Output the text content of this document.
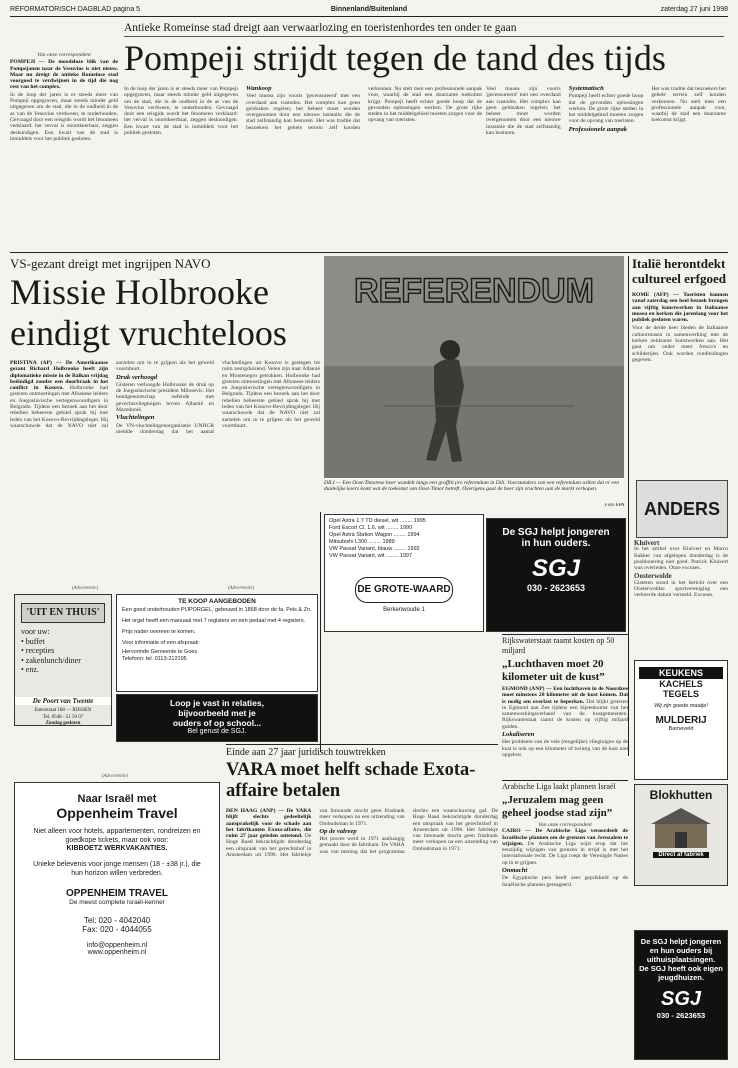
REFORMATORISCH DAGBLAD pagina 5	Binnenland/Buitenland	zaterdag 27 juni 1998
Van onze correspondent

POMPEJI — De moedeloze blik van de Pompejanen naar de Vesuvius is niet nieuw. Maar nu dreigt de antieke Romeinse stad voorgoed te verdwijnen in de tijd die nog rest van het complex.

In de loop der jaren is er steeds meer van Pompeji opgegraven, maar steeds minder geld uitgegeven om de stad, die in de oudheid in de as van de Vesuvius verdween, te onderhouden. Gevraagd door een reisgids wordt het fenomeen verklaard: het verval is onomkeerbaar, zeggen deskundigen. Een kwart van de stad is inmiddels voor het publiek gesloten.

Antieke Romeinse stad dreigt aan verwaarlozing en toeristenhordes ten onder te gaan
Pompeji strijdt tegen de tand des tijds
In de loop der jaren is er steeds meer van Pompeji opgegraven, maar steeds minder geld uitgegeven om de stad, die in de oudheid in de as van de Vesuvius verdween, te onderhouden. Gevraagd door een reisgids wordt het fenomeen verklaard: het verval is onomkeerbaar, zeggen deskundigen. Een kwart van de stad is inmiddels voor het publiek gesloten.
Wankoop
Veel musea zijn voorts 'gecensureerd' met een overdaad aan custodes. Het complex kan geen geldzaken regelen; het beheer moet worden overgenomen door een nieuwe instantie die de stad zelfstandig kan besturen. Het was tradtie dat bezoekers het gehele terrein zelf konden verkennen. Nu stelt men een professionele aanpak voor, waarbij de stad een duurzame toekomst krijgt. Pompeji heeft echter goede hoop dat de gevonden oplossingen werken. De grote rijke steden in het middelgebied moeten zorgen voor de opvang van toeristen.
Veel musea zijn voorts 'gecensureerd' met een overdaad aan custodes. Het complex kan geen geldzaken regelen; het beheer moet worden overgenomen door een nieuwe instantie die de stad zelfstandig kan besturen.
Systematisch
Pompeji heeft echter goede hoop dat de gevonden oplossingen werken. De grote rijke steden in het middelgebied moeten zorgen voor de opvang van toeristen.
Professionele aanpak
Het was tradtie dat bezoekers het gehele terrein zelf konden verkennen. Nu stelt men een professionele aanpak voor, waarbij de stad een duurzame toekomst krijgt.
VS-gezant dreigt met ingrijpen NAVO
Missie Holbrooke eindigt vruchteloos
PRISTINA (AP) — De Amerikaanse gezant Richard Holbrooke heeft zijn diplomatieke missie in de Balkan vrijdag beëindigd zonder een doorbraak in het conflict in Kosovo. Holbrooke had gisteren ontmoetingen met Albanese leiders en Joegoslavische vertegenwoordigers in Belgrado. Tijdens een bezoek aan het door rebellen beheerste gebied sprak hij met leden van het Kosovo-Bevrijdingsleger. Hij waarschuwde dat de NAVO niet zal aarzelen om in te grijpen als het geweld voortduurt.
Druk verhoogd
Gisteren verhoogde Holbrooke de druk op de Joegoslavische president Milosevic. Het bondgenootschap oefende met gevechtsvliegtuigen boven Albanië en Macedonië.
Vluchtelingen
De VN-vluchtelingenorganisatie UNHCR meldde donderdag dat het aantal vluchtelingen uit Kosovo is gestegen tot ruim zestigduizend. Velen zijn naar Albanië en Montenegro getrokken. Holbrooke had gisteren ontmoetingen met Albanese leiders en Joegoslavische vertegenwoordigers in Belgrado. Tijdens een bezoek aan het door rebellen beheerste gebied sprak hij met leden van het Kosovo-Bevrijdingsleger. Hij waarschuwde dat de NAVO niet zal aarzelen om in te grijpen als het geweld voortduurt.
REFERENDUM
DILI — Een Oost-Timorese boer wandelt langs een graffiti pro referendum in Dili. Voorstanders van een referendum willen dat er een duidelijke koers komt wat de toekomst van Oost-Timor betreft. Overigens gaat de boer zijn vruchten aan de markt verkopen.
Foto EPA
Italië herontdekt cultureel erfgoed

ROME (AFP) — Toeristen kunnen vanaf zaterdag een heel bezoek brengen aan vijftig kunstwerken in Italiaanse musea en kerken die jarenlang voor het publiek gesloten waren.

Voor de derde keer bieden de Italiaanse cultuurmusea in samenwerking met de kerken zeldzame kunstwerken aan. Het gaat om onder meer fresco's en schilderijen. Ook worden rondleidingen gegeven.

Opel Astra 1.7 TD diesel, wit ........ 1995
Ford Escort Cl. 1.6, wit ........ 1990
Opel Astra Station Wagon ........ 1994
Mitsubishi L300 ........ 1989
VW Passat Variant, blauw ........ 1992
VW Passat Variant, wit ........ 1997
DE GROTE-WAARD
Berkenwoude 1
De SGJ helpt jongeren
in hun ouders.
SGJ
030 - 2623653
(Advertentie)	(Advertentie)
'UIT EN THUIS'
voor uw:
• buffet
• recepties
• zakenlunch/diner
• enz.
De Poort van Twente
Enterstraat 188 — RIJSSEN
Tel. 0548 - 51 50 07
Zondag gesloten
TE KOOP AANGEBODEN
Een goed onderhouden PIJPORGEL, gebouwd in 1868 door de fa. Pels & Zn.
Het orgel heeft een manuaal met 7 registers en een pedaal met 4 registers.
Prijs nader overeen te komen.
Voor informatie of een afspraak:
Hervormde Gemeente te Goes
Telefoon: tel. 0113-212195
Loop je vast in relaties,
bijvoorbeeld met je
ouders of op school...
Bel gerust de SGJ.
Einde aan 27 jaar juridisch touwtrekken
VARA moet helft schade Exota-affaire betalen
DEN HAAG (ANP) — De VARA blijft slechts gedeeltelijk aansprakelijk voor de schade aan het fabrikanten Exota-affaire, die ruim 27 jaar geleden ontstond. De Hoge Raad bekrachtigde donderdag een uitspraak van het gerechtshof in Amsterdam uit 1996. Het fabriekje van limonade mocht geen frisdrank meer verkopen na een uitzending van Ombudsman in 1971.
Op de valreep
Het proces werd in 1971 aanhangig gemaakt door de fabrikant. De VARA was van mening dat het programma slechts een waarschuwing gaf. De Hoge Raad bekrachtigde donderdag een uitspraak van het gerechtshof in Amsterdam uit 1996. Het fabriekje van limonade mocht geen frisdrank meer verkopen na een uitzending van Ombudsman in 1971.
(Advertentie)
Naar Israël met
Oppenheim Travel
Niet alleen voor hotels, appartementen, rondreizen en goedkope tickets, maar ook voor:
KIBBOETZ WERKVAKANTIES.
Unieke belevenis voor jonge mensen (18 - ±38 jr.), die hun horizon willen verbreden.
OPPENHEIM TRAVEL
De meest complete Israël-kenner
Tel: 020 - 4042040
Fax: 020 - 4044055
info@oppenheim.nl
www.oppenheim.nl
ANDERS
Kluivert

In het artikel over Kluivert en Marco Bakker van afgelopen donderdag is de positionering niet goed. Patrick Kluivert was overleden. Onze excuses.

Oosterwolde

Gisteren stond in het bericht over een Oosterwoldse sportvereniging een verkeerde datum vermeld. Excuses.

KEUKENS
KACHELS
TEGELS
Wij zijn goede maatje!
MULDERIJ
Barneveld
Blokhutten
Direct af fabriek
De SGJ helpt jongeren
en hun ouders bij
uithuisplaatsingen.
De SGJ heeft ook eigen
jeugdhuizen.
SGJ
030 - 2623653
Rijkswaterstaat raamt kosten op 50 miljard
„Luchthaven moet 20 kilometer uit de kust”
EGMOND (ANP) — Een luchthaven in de Noordzee moet minstens 20 kilometer uit de kust komen. Dat is nodig om overlast te beperken. Dat blijkt gisteren in Egmond aan Zee tijdens een bijeenkomst van het samenwerkingsverband van de kustgemeenten. Rijkswaterstaat raamt de kosten op vijftig miljard gulden.
Lokaliseren
Het probleem van de vele (mogelijke) vliegtuigen op de kust is ook op een kilometer of twintig van de kust niet opgelost.
Arabische Liga laakt plannen Israël
„Jeruzalem mag geen geheel joodse stad zijn”
Van onze correspondent
CAIRO — De Arabische Liga veroordeelt de Israëlische plannen om de grenzen van Jeruzalem te wijzigen. De Arabische Liga wijst erop dat het eenzijdig wijzigen van grenzen in strijd is met het internationale recht. De Liga roept de Verenigde Naties op in te grijpen.
Onmacht
De Egyptische pers heeft zeer geprikkeld op de Israëlische plannen gereageerd.
